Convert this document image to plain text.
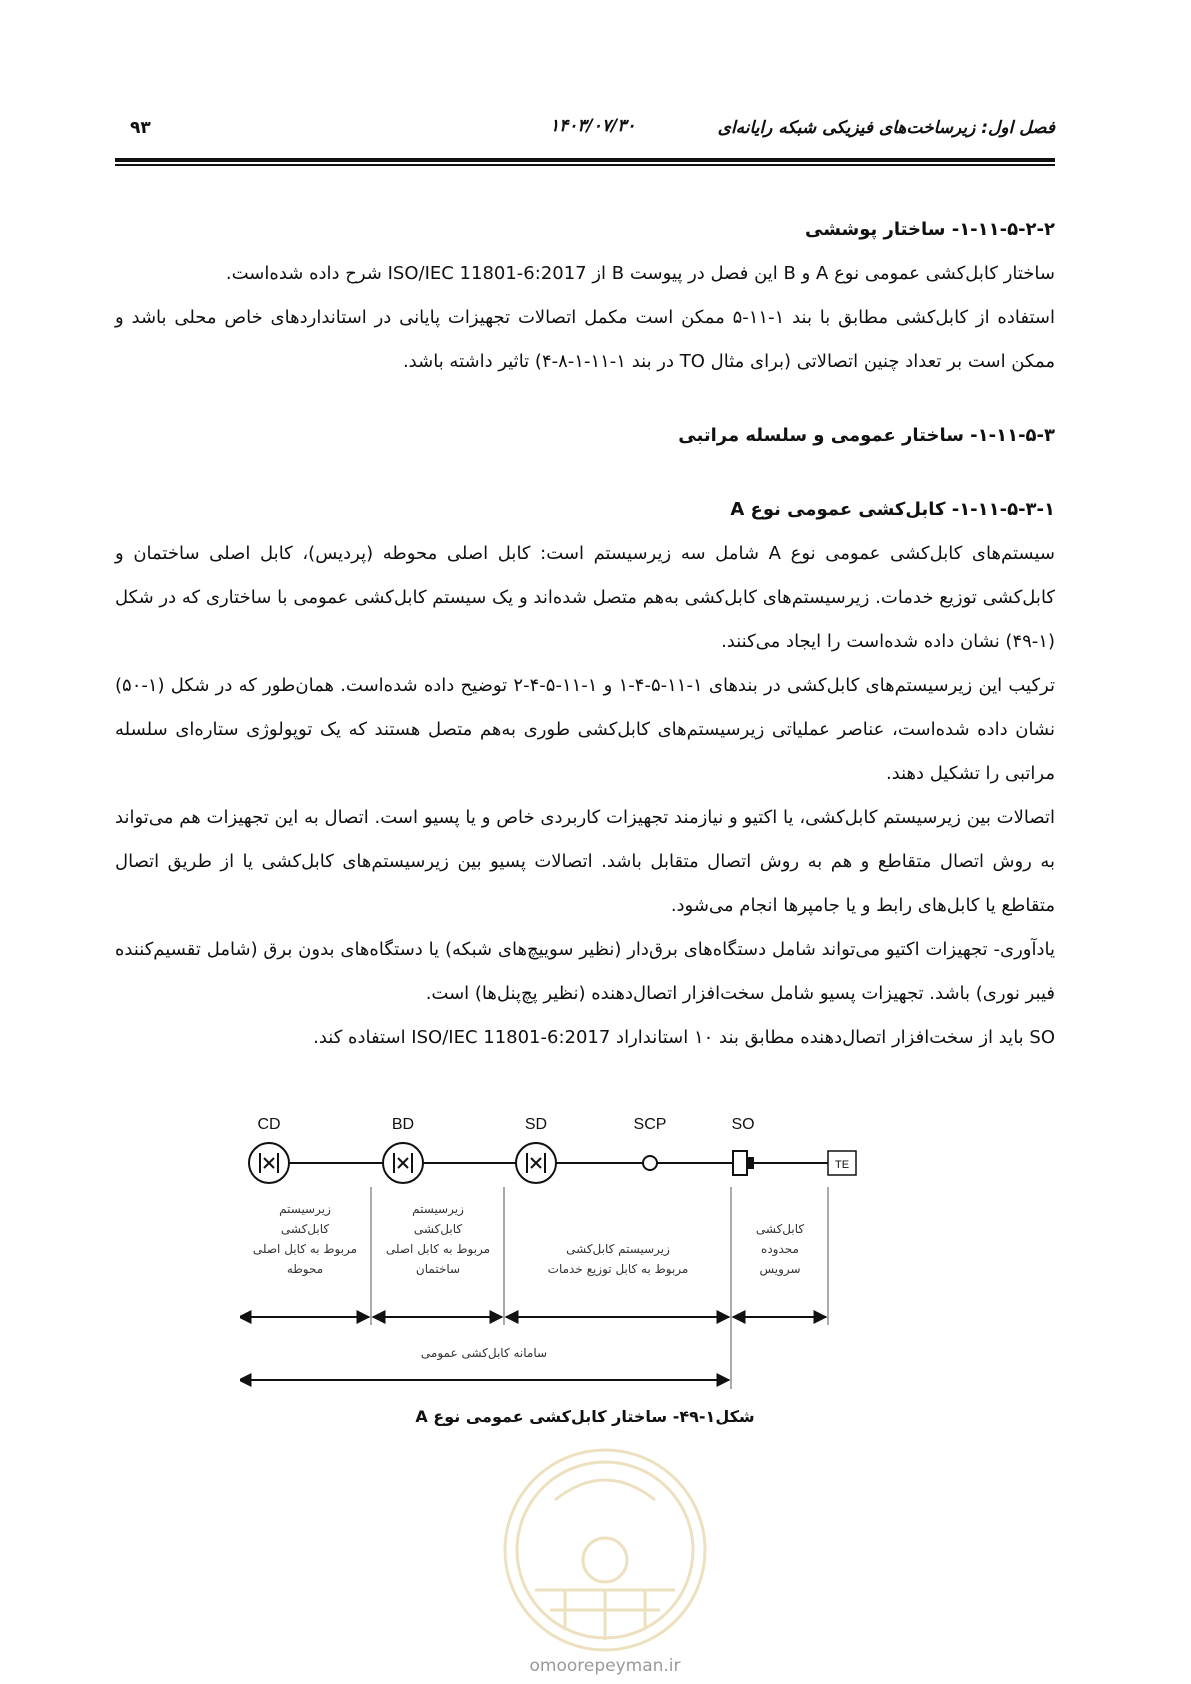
فصل اول: زیرساخت‌های فیزیکی شبکه رایانه‌ای
۱۴۰۳/۰۷/۳۰
۹۳
۱-۱۱-۵-۲-۲- ساختار پوششی

ساختار کابل‌کشی عمومی نوع A و B این فصل در پیوست B از ISO/IEC 11801-6:2017 شرح داده شده‌است.

استفاده از کابل‌کشی مطابق با بند ۱-۱۱-۵ ممکن است مکمل اتصالات تجهیزات پایانی در استانداردهای خاص محلی باشد و ممکن است بر تعداد چنین اتصالاتی (برای مثال TO در بند ۱-۱۱-۱-۸-۴) تاثیر داشته باشد.

۱-۱۱-۵-۳- ساختار عمومی و سلسله مراتبی
۱-۱۱-۵-۳-۱- کابل‌کشی عمومی نوع A

سیستم‌های کابل‌کشی عمومی نوع A شامل سه زیرسیستم است: کابل اصلی محوطه (پردیس)، کابل اصلی ساختمان و کابل‌کشی توزیع خدمات. زیرسیستم‌های کابل‌کشی به‌هم متصل شده‌اند و یک سیستم کابل‌کشی عمومی با ساختاری که در شکل (۱-۴۹) نشان داده شده‌است را ایجاد می‌کنند.

ترکیب این زیرسیستم‌های کابل‌کشی در بندهای ۱-۱۱-۵-۴-۱ و ۱-۱۱-۵-۴-۲ توضیح داده شده‌است. همان‌طور که در شکل (۱-۵۰) نشان داده شده‌است، عناصر عملیاتی زیرسیستم‌های کابل‌کشی طوری به‌هم متصل هستند که یک توپولوژی ستاره‌ای سلسله مراتبی را تشکیل دهند.

اتصالات بین زیرسیستم کابل‌کشی، یا اکتیو و نیازمند تجهیزات کاربردی خاص و یا پسیو است. اتصال به این تجهیزات هم می‌تواند به روش اتصال متقاطع و هم به روش اتصال متقابل باشد. اتصالات پسیو بین زیرسیستم‌های کابل‌کشی یا از طریق اتصال متقاطع یا کابل‌های رابط و یا جامپرها انجام می‌شود.

یادآوری- تجهیزات اکتیو می‌تواند شامل دستگاه‌های برق‌دار (نظیر سوییچ‌های شبکه) یا دستگاه‌های بدون برق (شامل تقسیم‌کننده فیبر نوری) باشد. تجهیزات پسیو شامل سخت‌افزار اتصال‌دهنده (نظیر پچ‌پنل‌ها) است.

SO باید از سخت‌افزار اتصال‌دهنده مطابق بند ۱۰ استانداراد ISO/IEC 11801-6:2017 استفاده کند.

CD	BD	SD	SCP	SO
TE
زیرسیستم
کابل‌کشی
مربوط به کابل اصلی
محوطه
زیرسیستم
کابل‌کشی
مربوط به کابل اصلی
ساختمان
زیرسیستم کابل‌کشی
مربوط به کابل توزیع خدمات
کابل‌کشی
محدوده
سرویس
سامانه کابل‌کشی عمومی
شکل۱-۴۹- ساختار کابل‌کشی عمومی نوع A
omoorepeyman.ir
